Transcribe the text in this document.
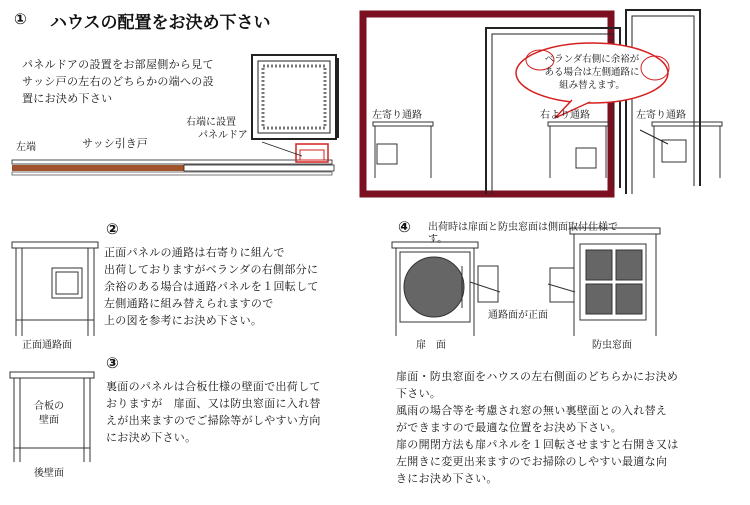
① ハウスの配置をお決め下さい
パネルドアの設置をお部屋側から見て
サッシ戸の左右のどちらかの端への設
置にお決め下さい
左端	サッシ引き戸
右端に設置
パネルドア
左寄り通路	右より通路	左寄り通路
ベランダ右側に余裕が
ある場合は左側通路に
組み替えます。
②
正面パネルの通路は右寄りに組んで
出荷しておりますがベランダの右側部分に
余裕のある場合は通路パネルを１回転して
左側通路に組み替えられますので
上の図を参考にお決め下さい。
正面通路面
③
裏面のパネルは合板仕様の壁面で出荷して
おりますが　扉面、又は防虫窓面に入れ替
えが出来ますのでご掃除等がしやすい方向
にお決め下さい。
合板の
壁面
後壁面
④ 出荷時は扉面と防虫窓面は側面取付仕様で
す。
通路面が正面
扉　面	防虫窓面
扉面・防虫窓面をハウスの左右側面のどちらかにお決め
下さい。
風雨の場合等を考慮され窓の無い裏壁面との入れ替え
ができますので最適な位置をお決め下さい。
扉の開閉方法も扉パネルを１回転させますと右開き又は
左開きに変更出来ますのでお掃除のしやすい最適な向
きにお決め下さい。
